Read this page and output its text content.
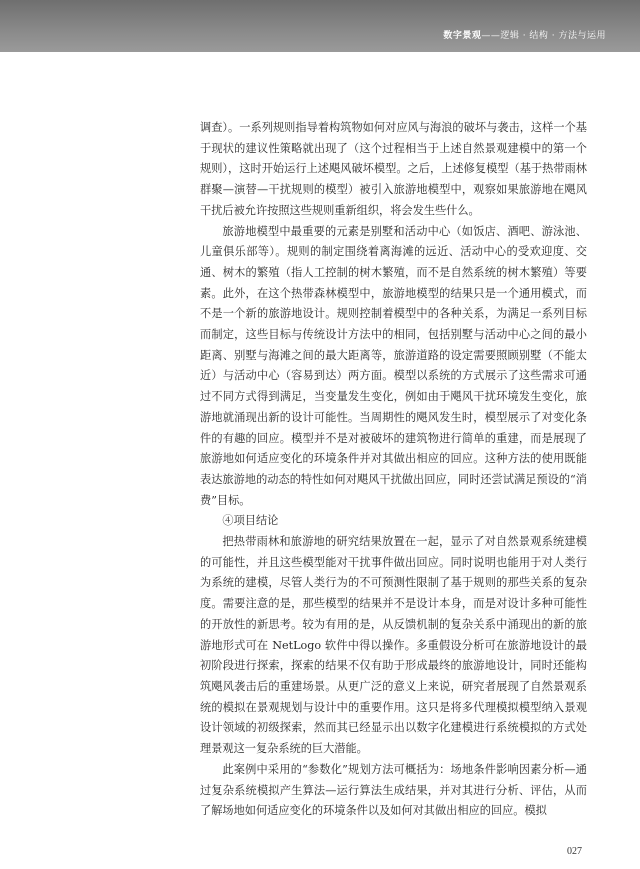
数字景观——逻辑 · 结构 · 方法与运用

调查）。一系列规则指导着构筑物如何对应风与海浪的破坏与袭击，这样一个基于现状的建议性策略就出现了（这个过程相当于上述自然景观建模中的第一个规则），这时开始运行上述飓风破坏模型。之后，上述修复模型（基于热带雨林群聚—演替—干扰规则的模型）被引入旅游地模型中，观察如果旅游地在飓风干扰后被允许按照这些规则重新组织，将会发生些什么。

旅游地模型中最重要的元素是别墅和活动中心（如饭店、酒吧、游泳池、儿童俱乐部等）。规则的制定围绕着离海滩的远近、活动中心的受欢迎度、交通、树木的繁殖（指人工控制的树木繁殖，而不是自然系统的树木繁殖）等要素。此外，在这个热带森林模型中，旅游地模型的结果只是一个通用模式，而不是一个新的旅游地设计。规则控制着模型中的各种关系，为满足一系列目标而制定，这些目标与传统设计方法中的相同，包括别墅与活动中心之间的最小距离、别墅与海滩之间的最大距离等，旅游道路的设定需要照顾别墅（不能太近）与活动中心（容易到达）两方面。模型以系统的方式展示了这些需求可通过不同方式得到满足，当变量发生变化，例如由于飓风干扰环境发生变化，旅游地就涌现出新的设计可能性。当周期性的飓风发生时，模型展示了对变化条件的有趣的回应。模型并不是对被破坏的建筑物进行简单的重建，而是展现了旅游地如何适应变化的环境条件并对其做出相应的回应。这种方法的使用既能表达旅游地的动态的特性如何对飓风干扰做出回应，同时还尝试满足预设的“消费”目标。

④项目结论

把热带雨林和旅游地的研究结果放置在一起，显示了对自然景观系统建模的可能性，并且这些模型能对干扰事件做出回应。同时说明也能用于对人类行为系统的建模，尽管人类行为的不可预测性限制了基于规则的那些关系的复杂度。需要注意的是，那些模型的结果并不是设计本身，而是对设计多种可能性的开放性的新思考。较为有用的是，从反馈机制的复杂关系中涌现出的新的旅游地形式可在 NetLogo 软件中得以操作。多重假设分析可在旅游地设计的最初阶段进行探索，探索的结果不仅有助于形成最终的旅游地设计，同时还能构筑飓风袭击后的重建场景。从更广泛的意义上来说，研究者展现了自然景观系统的模拟在景观规划与设计中的重要作用。这只是将多代理模拟模型纳入景观设计领域的初级探索，然而其已经显示出以数字化建模进行系统模拟的方式处理景观这一复杂系统的巨大潜能。

此案例中采用的“参数化”规划方法可概括为：场地条件影响因素分析—通过复杂系统模拟产生算法—运行算法生成结果，并对其进行分析、评估，从而了解场地如何适应变化的环境条件以及如何对其做出相应的回应。模拟

027
